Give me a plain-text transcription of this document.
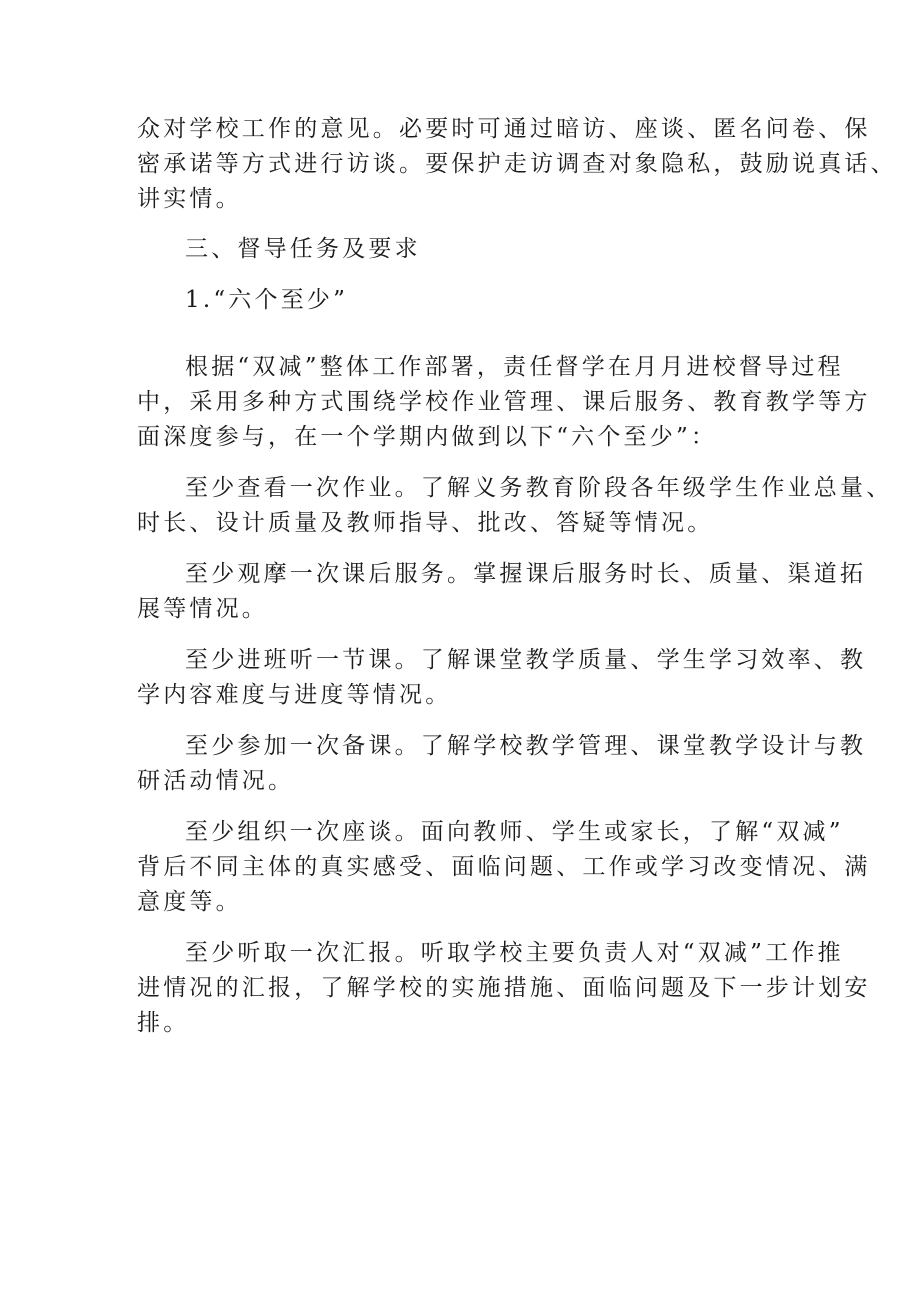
众对学校工作的意见。必要时可通过暗访、座谈、匿名问卷、保
密承诺等方式进行访谈。要保护走访调查对象隐私，鼓励说真话、
讲实情。
三、督导任务及要求
1.“六个至少”
根据“双减”整体工作部署，责任督学在月月进校督导过程
中，采用多种方式围绕学校作业管理、课后服务、教育教学等方
面深度参与，在一个学期内做到以下“六个至少”：
至少查看一次作业。了解义务教育阶段各年级学生作业总量、
时长、设计质量及教师指导、批改、答疑等情况。
至少观摩一次课后服务。掌握课后服务时长、质量、渠道拓
展等情况。
至少进班听一节课。了解课堂教学质量、学生学习效率、教
学内容难度与进度等情况。
至少参加一次备课。了解学校教学管理、课堂教学设计与教
研活动情况。
至少组织一次座谈。面向教师、学生或家长，了解“双减”
背后不同主体的真实感受、面临问题、工作或学习改变情况、满
意度等。
至少听取一次汇报。听取学校主要负责人对“双减”工作推
进情况的汇报，了解学校的实施措施、面临问题及下一步计划安
排。
